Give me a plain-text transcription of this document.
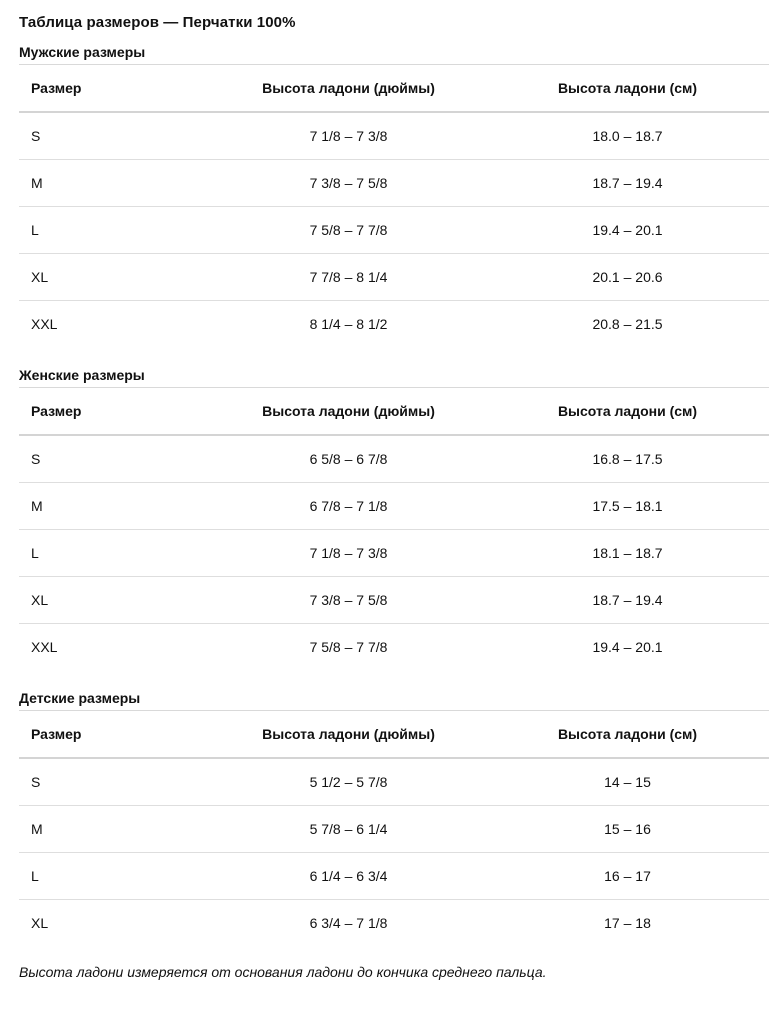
Таблица размеров — Перчатки 100%
Мужские размеры
Размер	Высота ладони (дюймы)	Высота ладони (см)
S	7 1/8 – 7 3/8	18.0 – 18.7
M	7 3/8 – 7 5/8	18.7 – 19.4
L	7 5/8 – 7 7/8	19.4 – 20.1
XL	7 7/8 – 8 1/4	20.1 – 20.6
XXL	8 1/4 – 8 1/2	20.8 – 21.5
Женские размеры
Размер	Высота ладони (дюймы)	Высота ладони (см)
S	6 5/8 – 6 7/8	16.8 – 17.5
M	6 7/8 – 7 1/8	17.5 – 18.1
L	7 1/8 – 7 3/8	18.1 – 18.7
XL	7 3/8 – 7 5/8	18.7 – 19.4
XXL	7 5/8 – 7 7/8	19.4 – 20.1
Детские размеры
Размер	Высота ладони (дюймы)	Высота ладони (см)
S	5 1/2 – 5 7/8	14 – 15
M	5 7/8 – 6 1/4	15 – 16
L	6 1/4 – 6 3/4	16 – 17
XL	6 3/4 – 7 1/8	17 – 18

Высота ладони измеряется от основания ладони до кончика среднего пальца.
